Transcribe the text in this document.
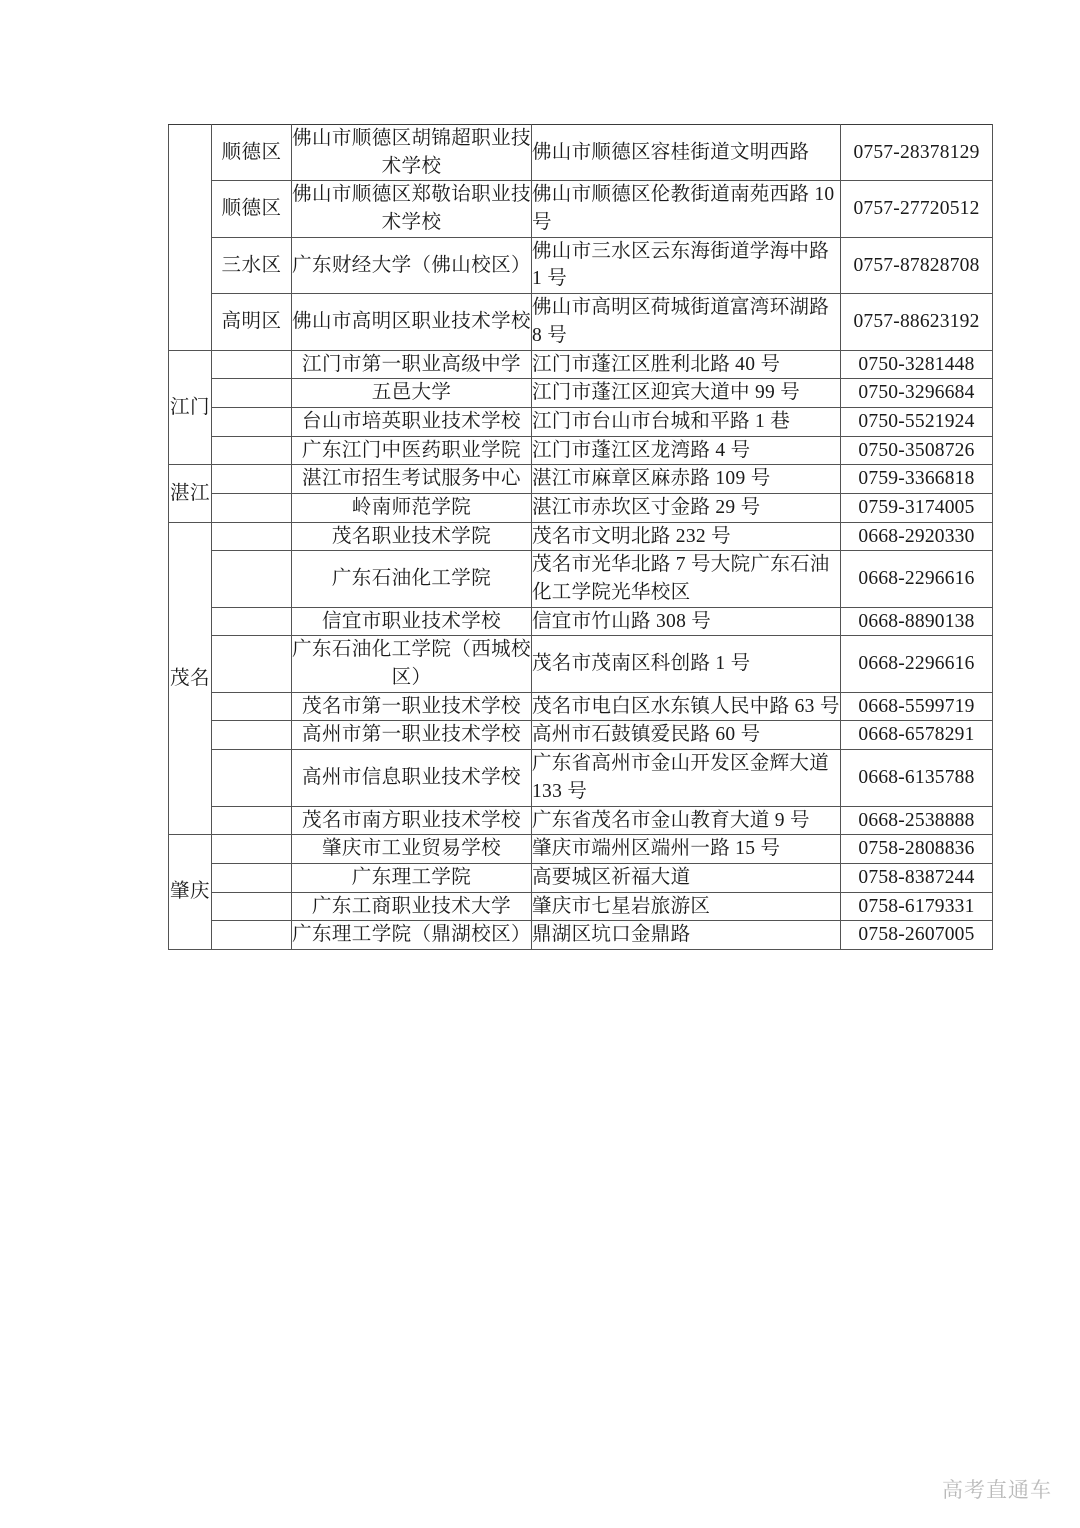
	顺德区	佛山市顺德区胡锦超职业技术学校	佛山市顺德区容桂街道文明西路	0757-28378129
	顺德区	佛山市顺德区郑敬诒职业技术学校	佛山市顺德区伦教街道南苑西路 10 号	0757-27720512
	三水区	广东财经大学（佛山校区）	佛山市三水区云东海街道学海中路 1 号	0757-87828708
	高明区	佛山市高明区职业技术学校	佛山市高明区荷城街道富湾环湖路 8 号	0757-88623192
江门		江门市第一职业高级中学	江门市蓬江区胜利北路 40 号	0750-3281448
		五邑大学	江门市蓬江区迎宾大道中 99 号	0750-3296684
		台山市培英职业技术学校	江门市台山市台城和平路 1 巷	0750-5521924
		广东江门中医药职业学院	江门市蓬江区龙湾路 4 号	0750-3508726
湛江		湛江市招生考试服务中心	湛江市麻章区麻赤路 109 号	0759-3366818
		岭南师范学院	湛江市赤坎区寸金路 29 号	0759-3174005
茂名		茂名职业技术学院	茂名市文明北路 232 号	0668-2920330
		广东石油化工学院	茂名市光华北路 7 号大院广东石油化工学院光华校区	0668-2296616
		信宜市职业技术学校	信宜市竹山路 308 号	0668-8890138
		广东石油化工学院（西城校区）	茂名市茂南区科创路 1 号	0668-2296616
		茂名市第一职业技术学校	茂名市电白区水东镇人民中路 63 号	0668-5599719
		高州市第一职业技术学校	高州市石鼓镇爱民路 60 号	0668-6578291
		高州市信息职业技术学校	广东省高州市金山开发区金辉大道 133 号	0668-6135788
		茂名市南方职业技术学校	广东省茂名市金山教育大道 9 号	0668-2538888
肇庆		肇庆市工业贸易学校	肇庆市端州区端州一路 15 号	0758-2808836
		广东理工学院	高要城区祈福大道	0758-8387244
		广东工商职业技术大学	肇庆市七星岩旅游区	0758-6179331
		广东理工学院（鼎湖校区）	鼎湖区坑口金鼎路	0758-2607005
高考直通车
